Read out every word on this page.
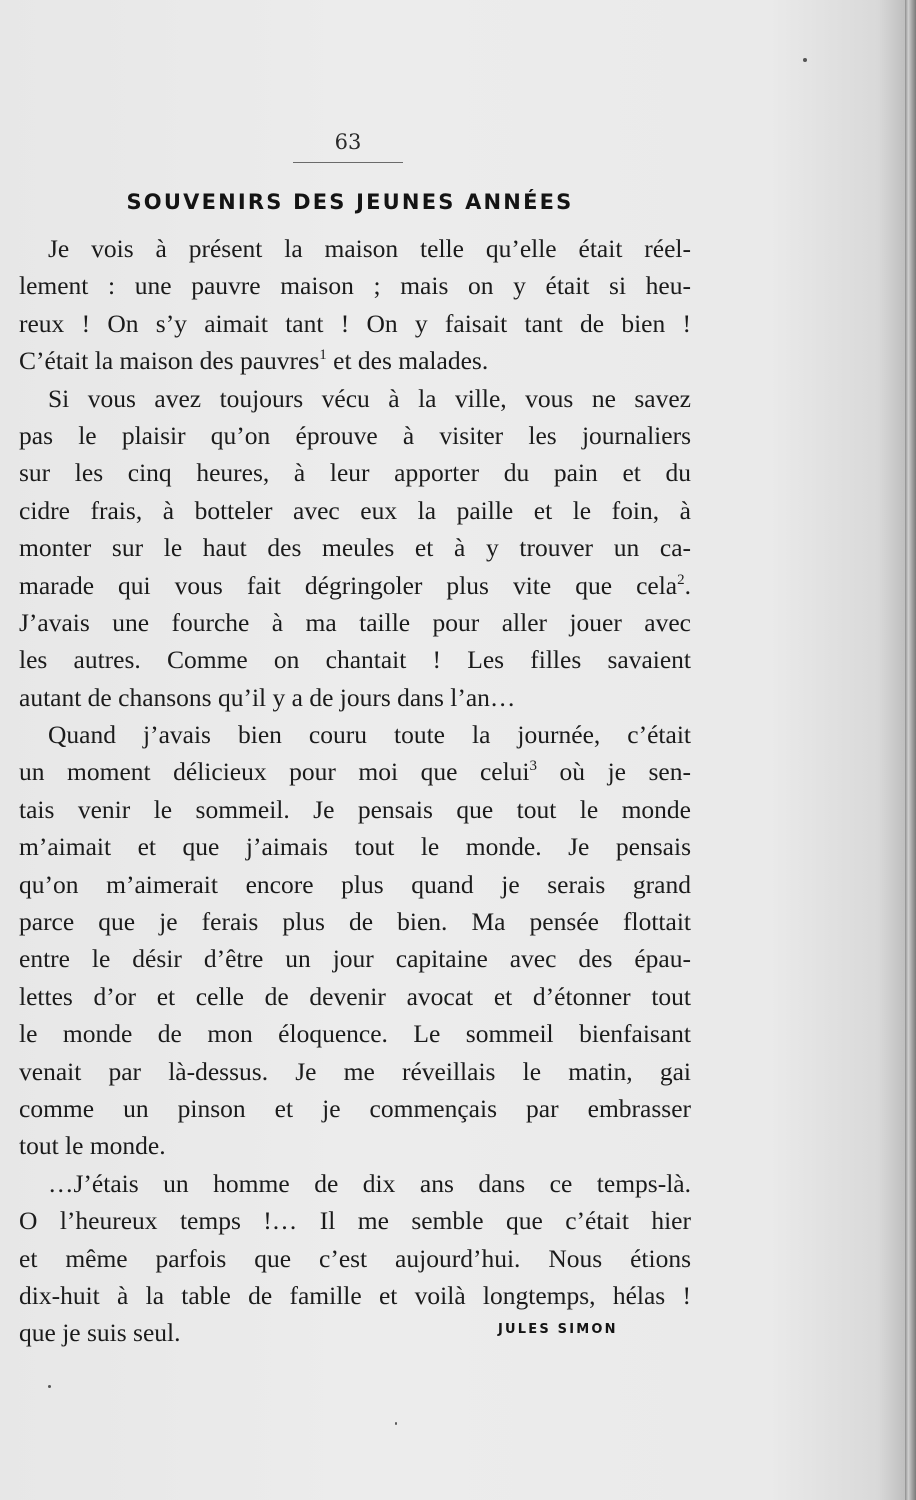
63
SOUVENIRS DES JEUNES ANNÉES
Je vois à présent la maison telle qu’elle était réel-
lement : une pauvre maison ; mais on y était si heu-
reux ! On s’y aimait tant ! On y faisait tant de bien !
C’était la maison des pauvres$^1$ et des malades.
Si vous avez toujours vécu à la ville, vous ne savez
pas le plaisir qu’on éprouve à visiter les journaliers
sur les cinq heures, à leur apporter du pain et du
cidre frais, à botteler avec eux la paille et le foin, à
monter sur le haut des meules et à y trouver un ca-
marade qui vous fait dégringoler plus vite que cela$^2$.
J’avais une fourche à ma taille pour aller jouer avec
les autres. Comme on chantait ! Les filles savaient
autant de chansons qu’il y a de jours dans l’an…
Quand j’avais bien couru toute la journée, c’était
un moment délicieux pour moi que celui$^3$ où je sen-
tais venir le sommeil. Je pensais que tout le monde
m’aimait et que j’aimais tout le monde. Je pensais
qu’on m’aimerait encore plus quand je serais grand
parce que je ferais plus de bien. Ma pensée flottait
entre le désir d’être un jour capitaine avec des épau-
lettes d’or et celle de devenir avocat et d’étonner tout
le monde de mon éloquence. Le sommeil bienfaisant
venait par là-dessus. Je me réveillais le matin, gai
comme un pinson et je commençais par embrasser
tout le monde.
…J’étais un homme de dix ans dans ce temps-là.
O l’heureux temps !… Il me semble que c’était hier
et même parfois que c’est aujourd’hui. Nous étions
dix-huit à la table de famille et voilà longtemps, hélas !
que je suis seul.	JULES SIMON
